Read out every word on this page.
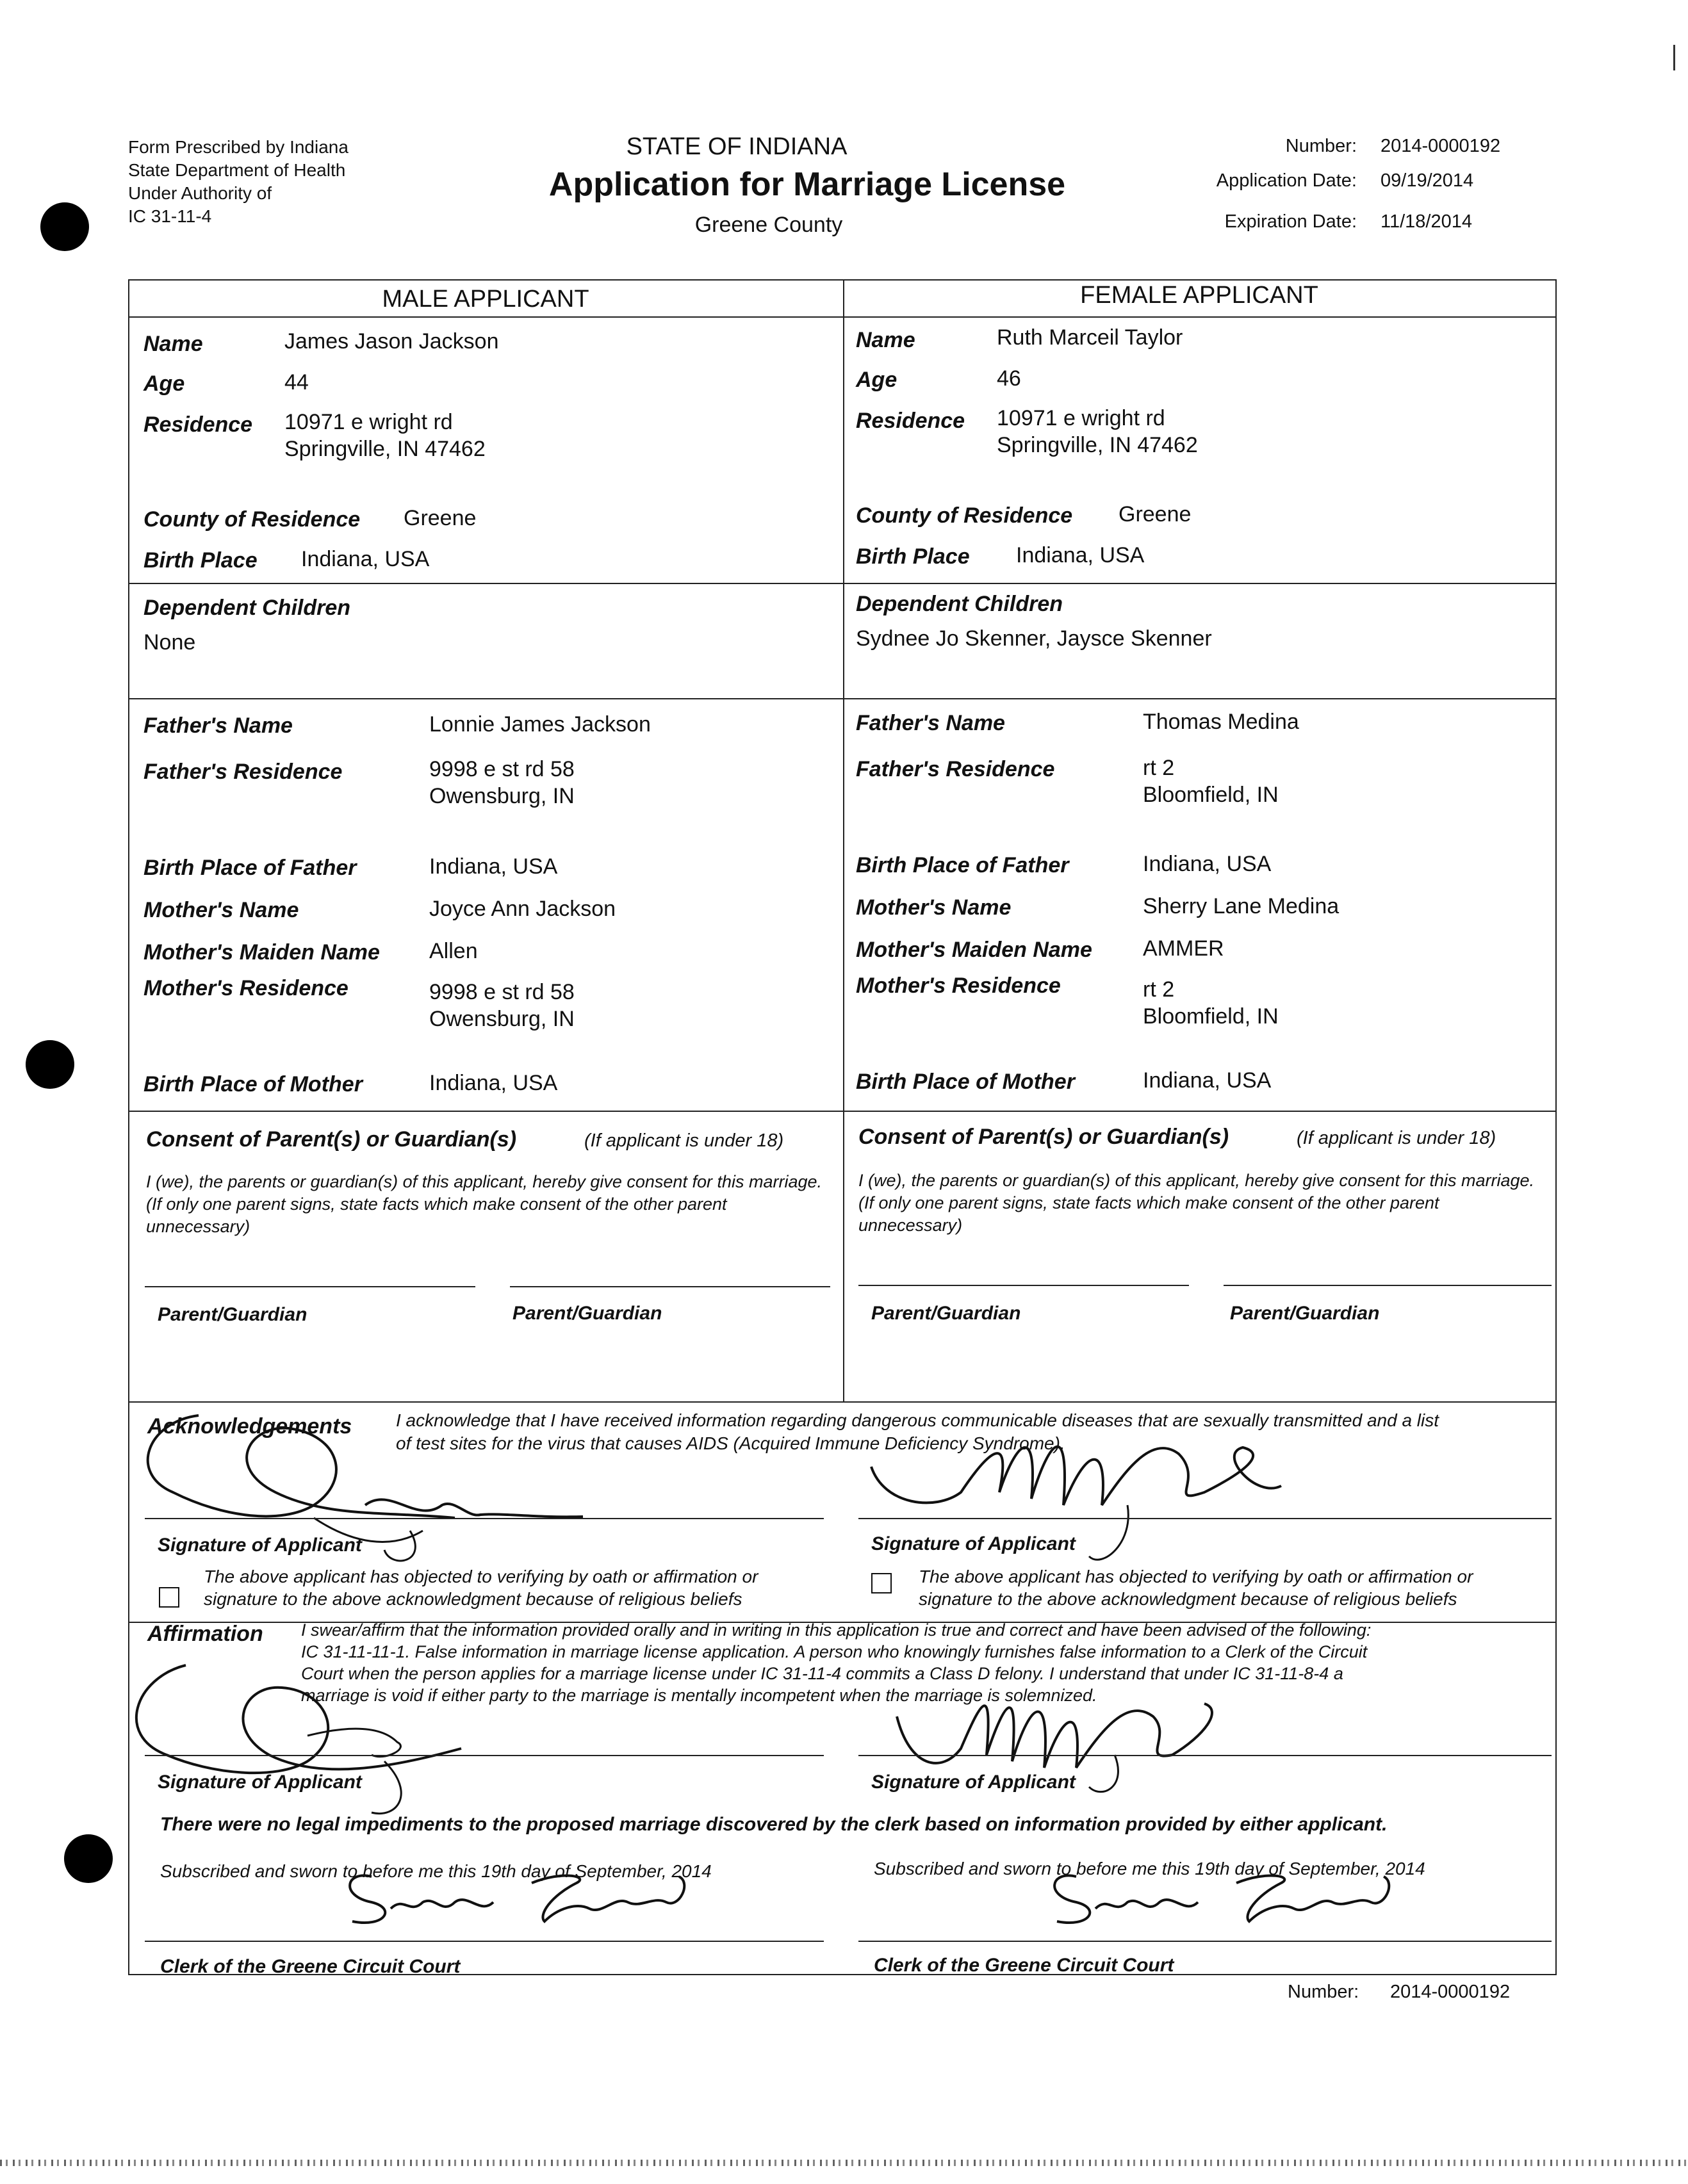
Form Prescribed by Indiana
State Department of Health
Under Authority of
IC 31-11-4
STATE OF INDIANA
Application for Marriage License
Greene County
Number: 2014-0000192
Application Date: 09/19/2014
Expiration Date: 11/18/2014
MALE APPLICANT	FEMALE APPLICANT
Name	James Jason Jackson
Age	44
Residence 10971 e wright rd
Springville, IN 47462
County of Residence Greene
Birth Place Indiana, USA
Dependent Children
None
Father's Name	Lonnie James Jackson
Father's Residence	9998 e st rd 58
Owensburg, IN
Birth Place of Father	Indiana, USA
Mother's Name	Joyce Ann Jackson
Mother's Maiden Name Allen
Mother's Residence	9998 e st rd 58
Owensburg, IN
Birth Place of Mother	Indiana, USA
Name	Ruth Marceil Taylor
Age	46
Residence 10971 e wright rd
Springville, IN 47462
County of Residence Greene
Birth Place Indiana, USA
Dependent Children
Sydnee Jo Skenner, Jaysce Skenner
Father's Name	Thomas Medina
Father's Residence	rt 2
Bloomfield, IN
Birth Place of Father	Indiana, USA
Mother's Name	Sherry Lane Medina
Mother's Maiden Name AMMER
Mother's Residence	rt 2
Bloomfield, IN
Birth Place of Mother	Indiana, USA
Consent of Parent(s) or Guardian(s)	(If applicant is under 18)
I (we), the parents or guardian(s) of this applicant, hereby give consent for this marriage. (If only one parent signs, state facts which make consent of the other parent unnecessary)
Parent/Guardian	Parent/Guardian
Consent of Parent(s) or Guardian(s)	(If applicant is under 18)
I (we), the parents or guardian(s) of this applicant, hereby give consent for this marriage. (If only one parent signs, state facts which make consent of the other parent unnecessary)
Parent/Guardian	Parent/Guardian
Acknowledgements I acknowledge that I have received information regarding dangerous communicable diseases that are sexually transmitted and a list
of test sites for the virus that causes AIDS (Acquired Immune Deficiency Syndrome).
Signature of Applicant
The above applicant has objected to verifying by oath or affirmation or signature to the above acknowledgment because of religious beliefs
Signature of Applicant
The above applicant has objected to verifying by oath or affirmation or signature to the above acknowledgment because of religious beliefs
Affirmation I swear/affirm that the information provided orally and in writing in this application is true and correct and have been advised of the following:
IC 31-11-11-1. False information in marriage license application. A person who knowingly furnishes false information to a Clerk of the Circuit
Court when the person applies for a marriage license under IC 31-11-4 commits a Class D felony. I understand that under IC 31-11-8-4 a
marriage is void if either party to the marriage is mentally incompetent when the marriage is solemnized.
Signature of Applicant	Signature of Applicant
There were no legal impediments to the proposed marriage discovered by the clerk based on information provided by either applicant.
Subscribed and sworn to before me this 19th day of September, 2014
Clerk of the Greene Circuit Court
Subscribed and sworn to before me this 19th day of September, 2014
Clerk of the Greene Circuit Court
Number: 2014-0000192
